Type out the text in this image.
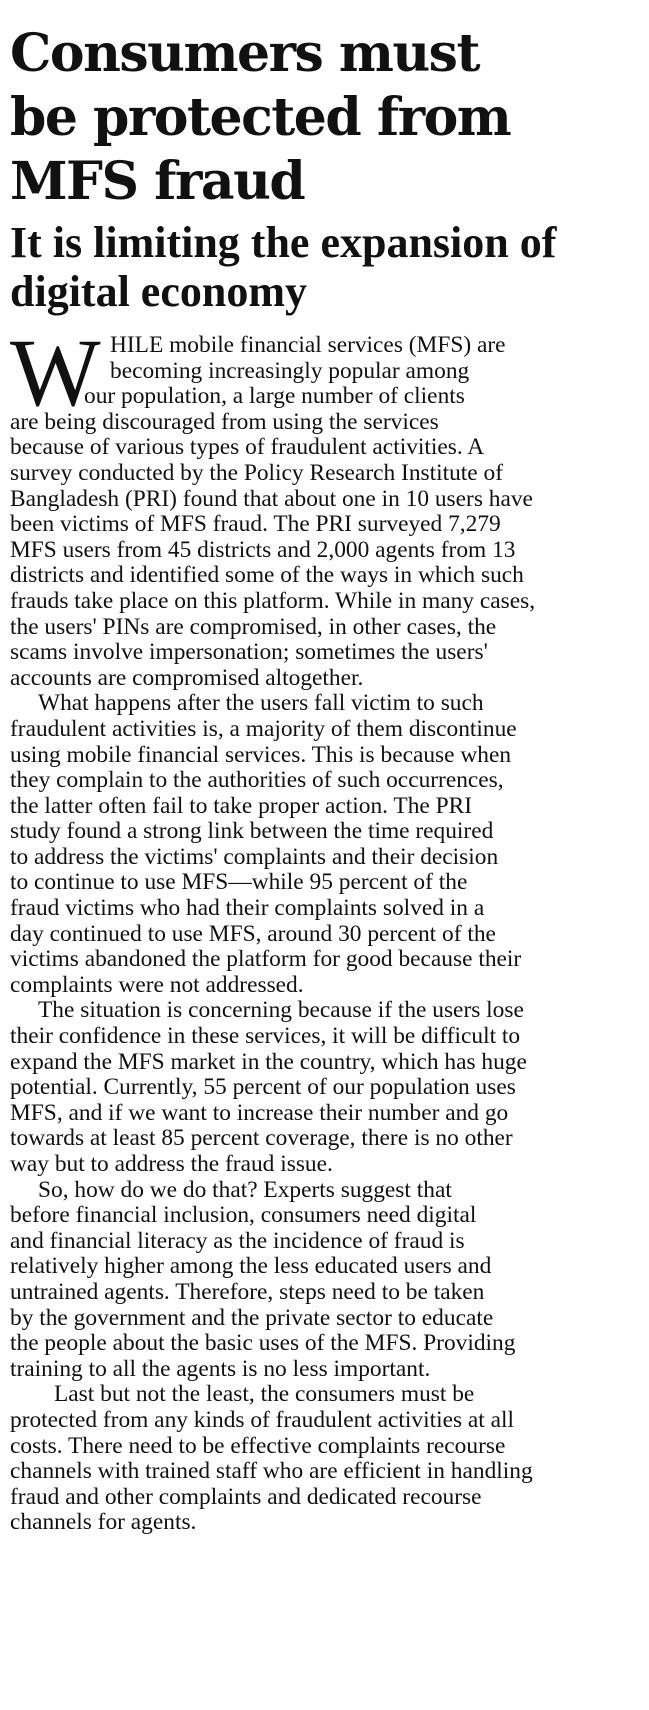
Consumers must
be protected from
MFS fraud
It is limiting the expansion of
digital economy
W HILE mobile financial services (MFS) are
becoming increasingly popular among
our population, a large number of clients
are being discouraged from using the services
because of various types of fraudulent activities. A
survey conducted by the Policy Research Institute of
Bangladesh (PRI) found that about one in 10 users have
been victims of MFS fraud. The PRI surveyed 7,279
MFS users from 45 districts and 2,000 agents from 13
districts and identified some of the ways in which such
frauds take place on this platform. While in many cases,
the users' PINs are compromised, in other cases, the
scams involve impersonation; sometimes the users'
accounts are compromised altogether.
What happens after the users fall victim to such
fraudulent activities is, a majority of them discontinue
using mobile financial services. This is because when
they complain to the authorities of such occurrences,
the latter often fail to take proper action. The PRI
study found a strong link between the time required
to address the victims' complaints and their decision
to continue to use MFS—while 95 percent of the
fraud victims who had their complaints solved in a
day continued to use MFS, around 30 percent of the
victims abandoned the platform for good because their
complaints were not addressed.
The situation is concerning because if the users lose
their confidence in these services, it will be difficult to
expand the MFS market in the country, which has huge
potential. Currently, 55 percent of our population uses
MFS, and if we want to increase their number and go
towards at least 85 percent coverage, there is no other
way but to address the fraud issue.
So, how do we do that? Experts suggest that
before financial inclusion, consumers need digital
and financial literacy as the incidence of fraud is
relatively higher among the less educated users and
untrained agents. Therefore, steps need to be taken
by the government and the private sector to educate
the people about the basic uses of the MFS. Providing
training to all the agents is no less important.
Last but not the least, the consumers must be
protected from any kinds of fraudulent activities at all
costs. There need to be effective complaints recourse
channels with trained staff who are efficient in handling
fraud and other complaints and dedicated recourse
channels for agents.
